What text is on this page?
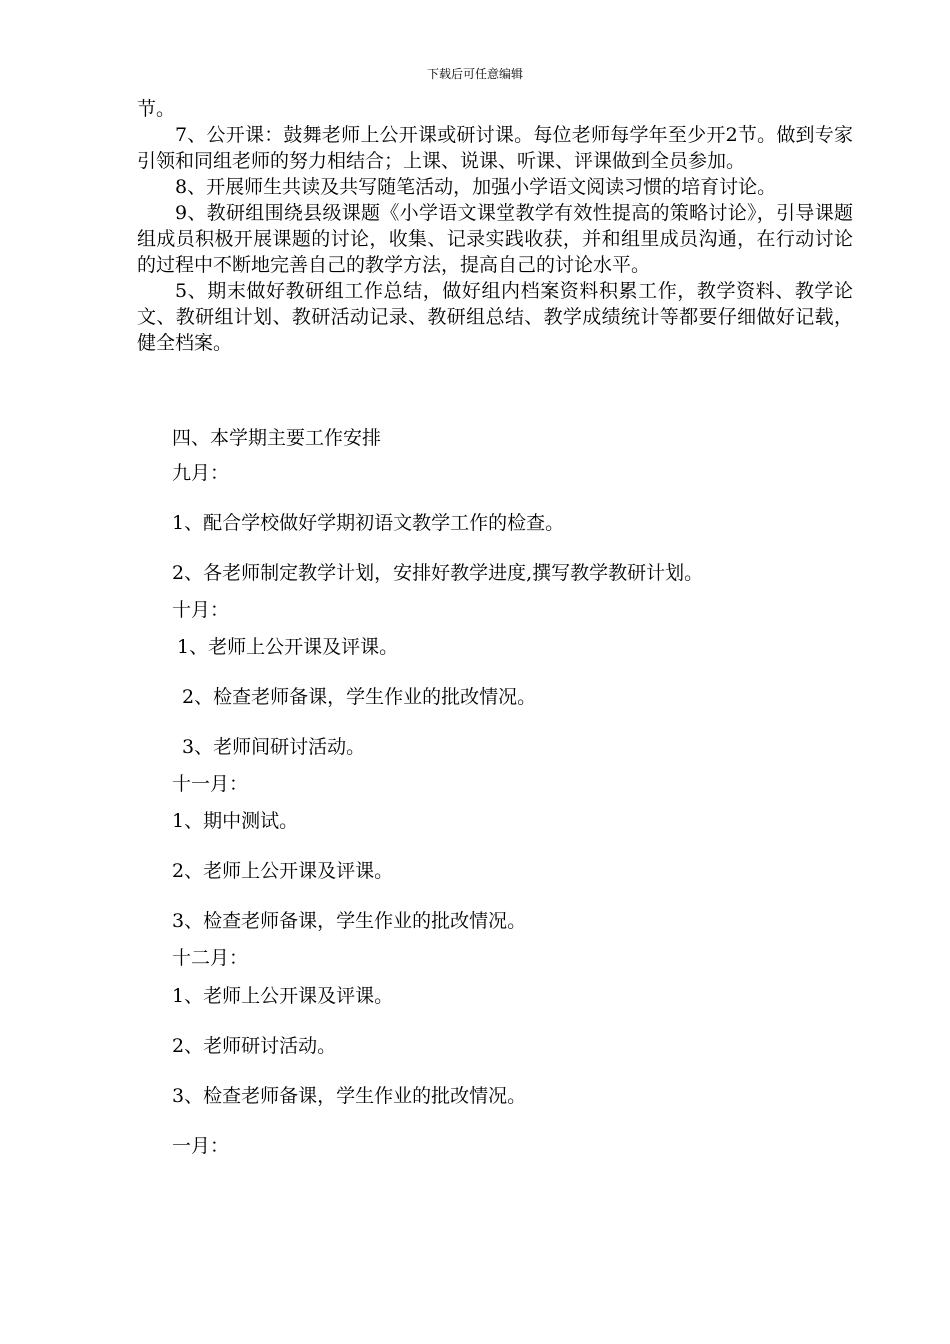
下载后可任意编辑
节。

7、公开课：鼓舞老师上公开课或研讨课。每位老师每学年至少开2节。做到专家引领和同组老师的努力相结合；上课、说课、听课、评课做到全员参加。

8、开展师生共读及共写随笔活动，加强小学语文阅读习惯的培育讨论。

9、教研组围绕县级课题《小学语文课堂教学有效性提高的策略讨论》，引导课题组成员积极开展课题的讨论，收集、记录实践收获，并和组里成员沟通，在行动讨论的过程中不断地完善自己的教学方法，提高自己的讨论水平。

5、期末做好教研组工作总结，做好组内档案资料积累工作，教学资料、教学论文、教研组计划、教研活动记录、教研组总结、教学成绩统计等都要仔细做好记载，健全档案。

四、本学期主要工作安排
九月：
1、配合学校做好学期初语文教学工作的检查。
2、各老师制定教学计划，安排好教学进度,撰写教学教研计划。
十月：
1、老师上公开课及评课。
2、检查老师备课，学生作业的批改情况。
3、老师间研讨活动。
十一月：
1、期中测试。
2、老师上公开课及评课。
3、检查老师备课，学生作业的批改情况。
十二月：
1、老师上公开课及评课。
2、老师研讨活动。
3、检查老师备课，学生作业的批改情况。
一月：
